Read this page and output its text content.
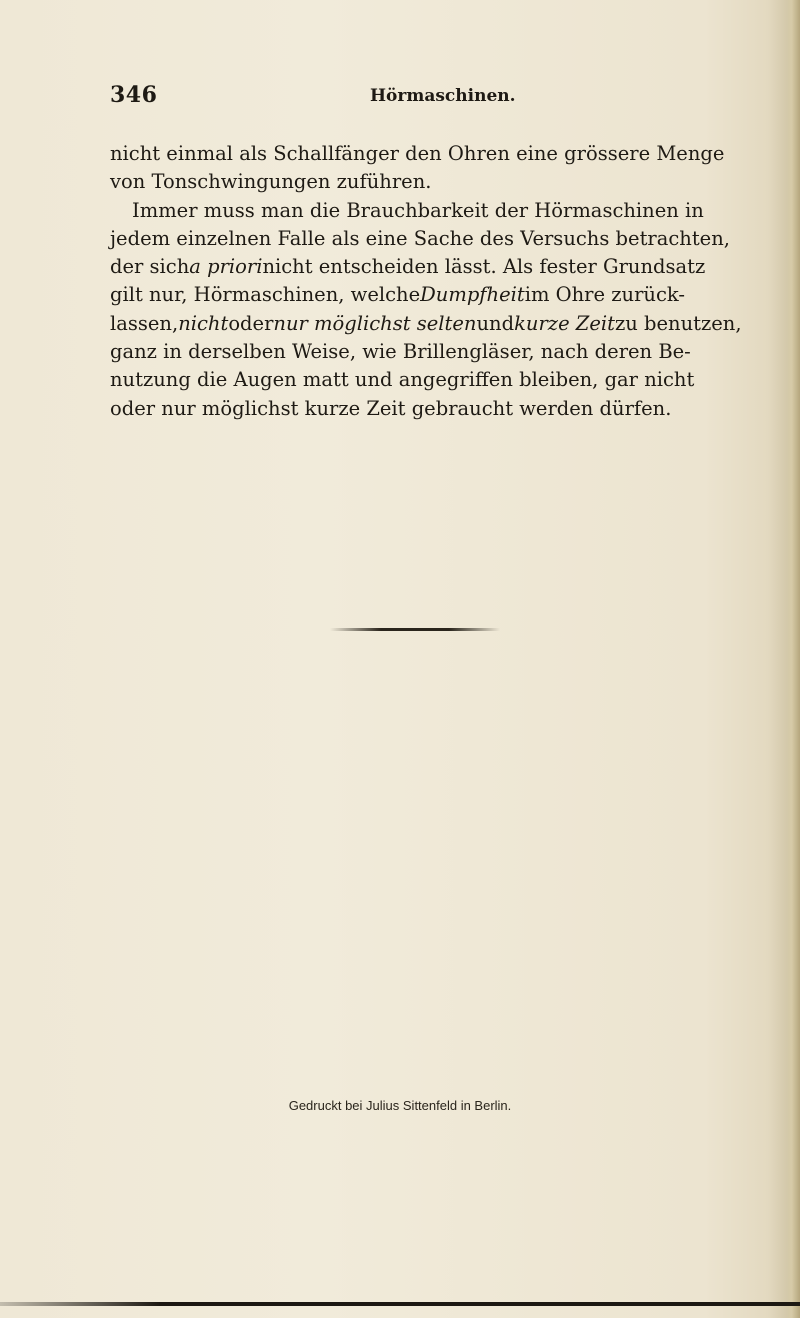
346	Hörmaschinen.
nicht einmal als Schallfänger den Ohren eine grössere Menge
von Tonschwingungen zuführen.
Immer muss man die Brauchbarkeit der Hörmaschinen in
jedem einzelnen Falle als eine Sache des Versuchs betrachten,
der sich a priori nicht entscheiden lässt. Als fester Grundsatz
gilt nur, Hörmaschinen, welche Dumpfheit im Ohre zurück-
lassen, nicht oder nur möglichst selten und kurze Zeit zu benutzen,
ganz in derselben Weise, wie Brillengläser, nach deren Be-
nutzung die Augen matt und angegriffen bleiben, gar nicht
oder nur möglichst kurze Zeit gebraucht werden dürfen.
Gedruckt bei Julius Sittenfeld in Berlin.
